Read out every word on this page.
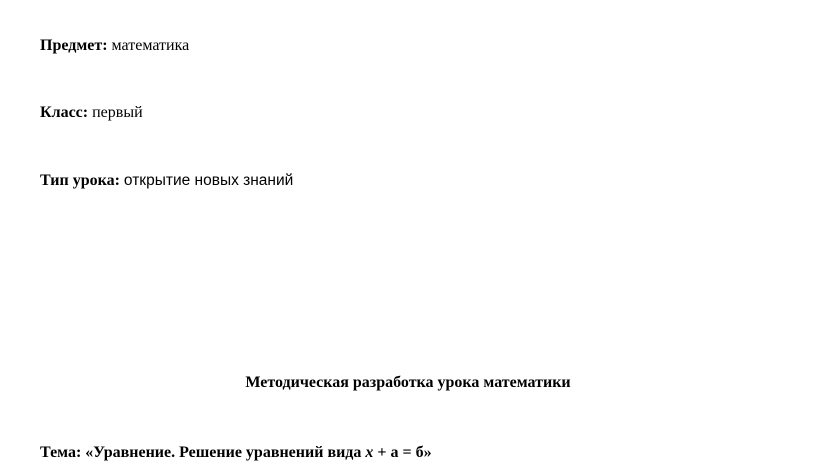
Предмет: математика
Класс: первый
Тип урока: открытие новых знаний
Методическая разработка урока математики
Тема: «Уравнение. Решение уравнений вида x + а = б»
